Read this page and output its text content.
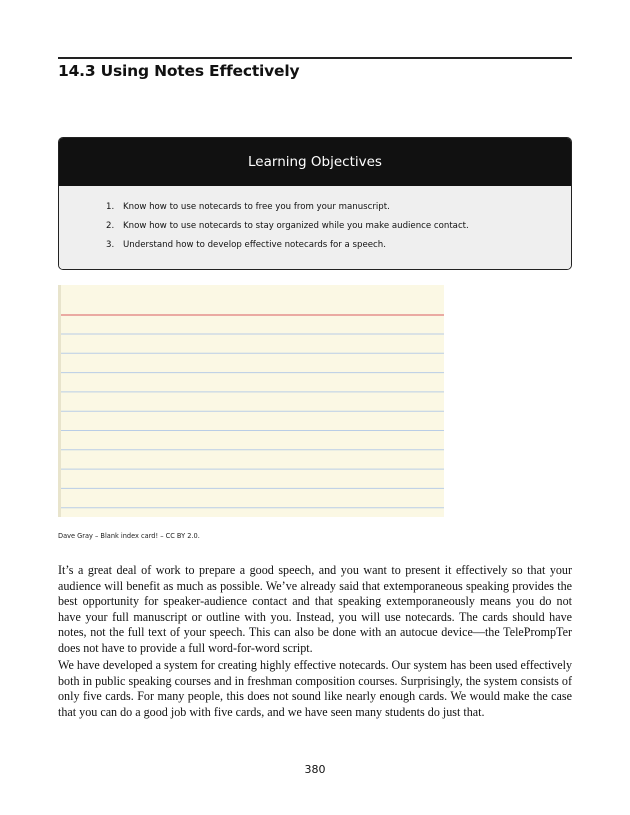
14.3 Using Notes Effectively
Learning Objectives
1. Know how to use notecards to free you from your manuscript.
2. Know how to use notecards to stay organized while you make audience contact.
3. Understand how to develop effective notecards for a speech.
Dave Gray – Blank index card! – CC BY 2.0.

It’s a great deal of work to prepare a good speech, and you want to present it effectively so that your audience will benefit as much as possible. We’ve already said that extemporaneous speaking provides the best opportunity for speaker-audience contact and that speaking extemporaneously means you do not have your full manuscript or outline with you. Instead, you will use notecards. The cards should have notes, not the full text of your speech. This can also be done with an autocue device—the TelePrompTer does not have to provide a full word-for-word script.

We have developed a system for creating highly effective notecards. Our system has been used effectively both in public speaking courses and in freshman composition courses. Surprisingly, the system consists of only five cards. For many people, this does not sound like nearly enough cards. We would make the case that you can do a good job with five cards, and we have seen many students do just that.

380
